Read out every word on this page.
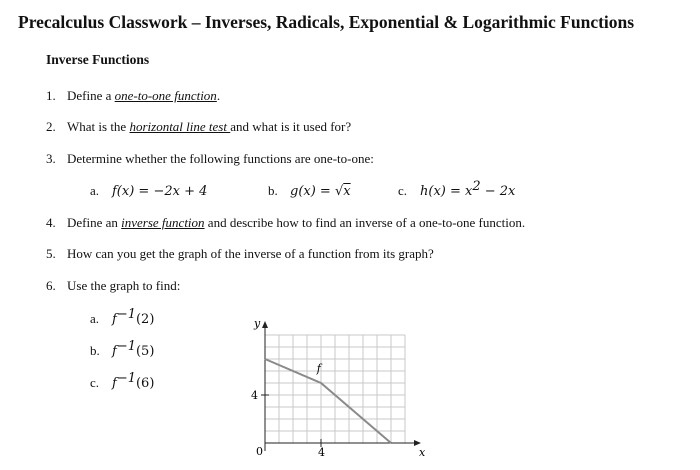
Precalculus Classwork – Inverses, Radicals, Exponential & Logarithmic Functions
Inverse Functions
1. Define a one-to-one function.
2. What is the horizontal line test and what is it used for?
3. Determine whether the following functions are one-to-one:
a. f(x) = −2x + 4	b. g(x) = √x	c. $h(x) = x^2 - 2x$
4. Define an inverse function and describe how to find an inverse of a one-to-one function.
5. How can you get the graph of the inverse of a function from its graph?
6. Use the graph to find:
a. $f^{-1}(2)$
b. $f^{-1}(5)$
c. $f^{-1}(6)$
y
x
f
4
4
0
